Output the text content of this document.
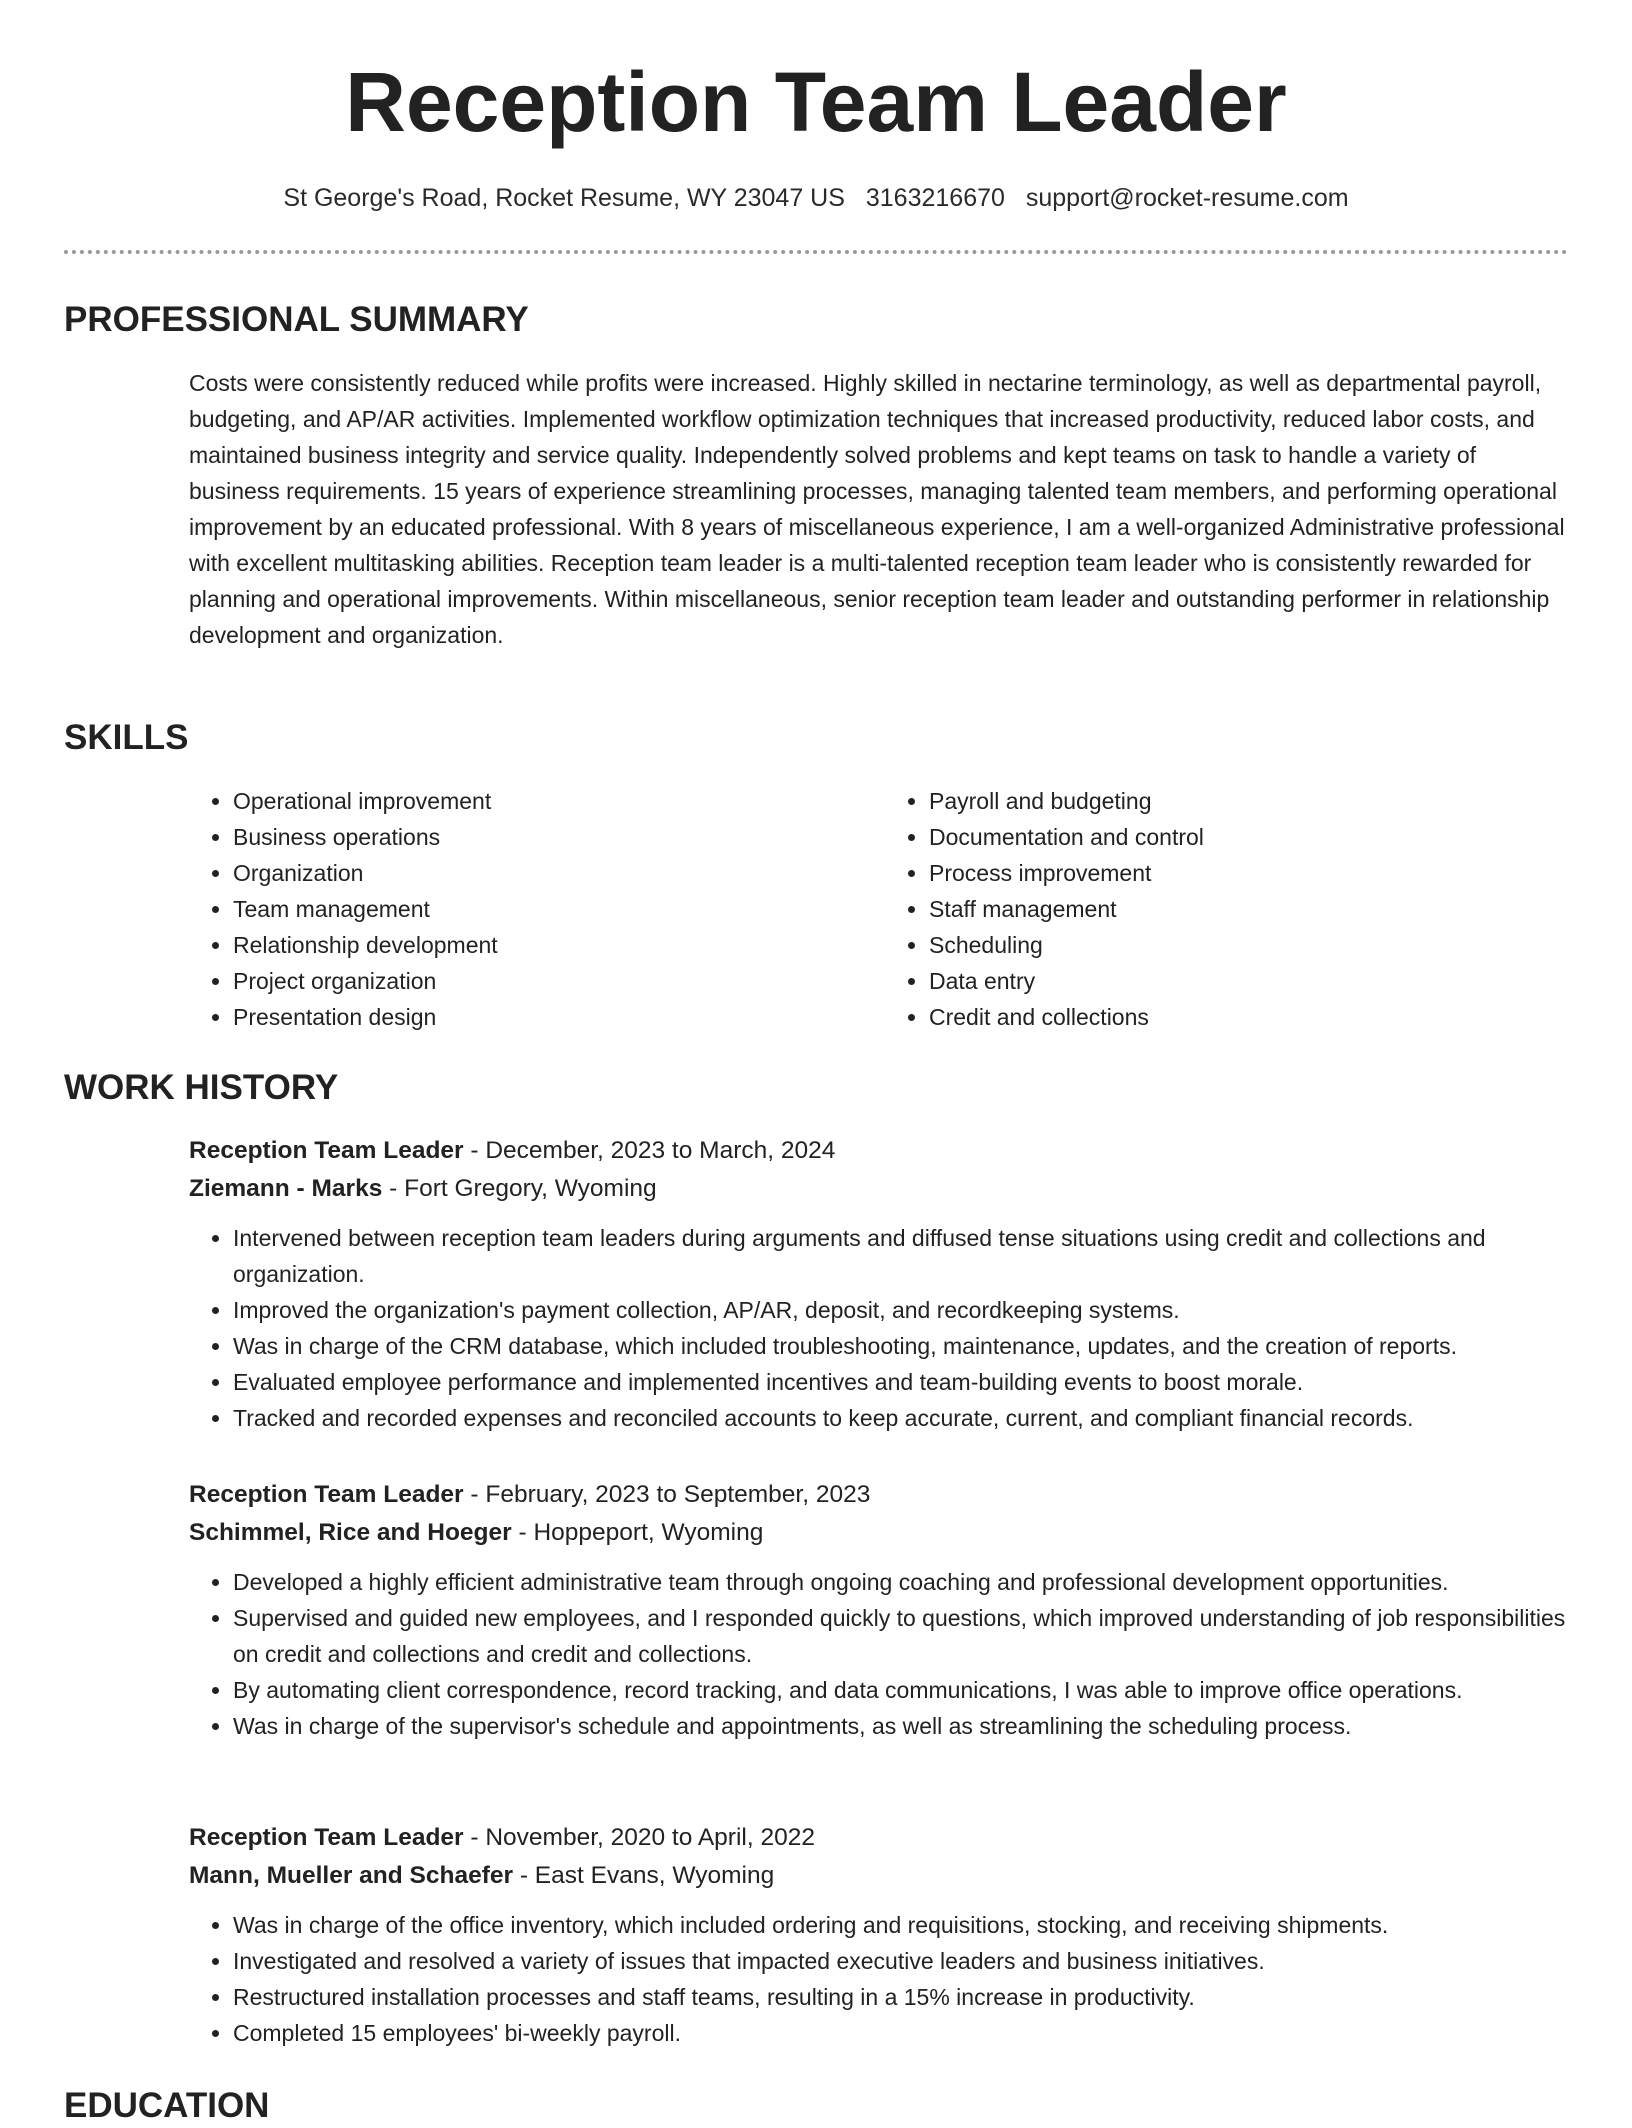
Reception Team Leader
St George's Road, Rocket Resume, WY 23047 US 3163216670 support@rocket-resume.com
PROFESSIONAL SUMMARY

Costs were consistently reduced while profits were increased. Highly skilled in nectarine terminology, as well as departmental payroll, budgeting, and AP/AR activities. Implemented workflow optimization techniques that increased productivity, reduced labor costs, and maintained business integrity and service quality. Independently solved problems and kept teams on task to handle a variety of business requirements. 15 years of experience streamlining processes, managing talented team members, and performing operational improvement by an educated professional. With 8 years of miscellaneous experience, I am a well-organized Administrative professional with excellent multitasking abilities. Reception team leader is a multi-talented reception team leader who is consistently rewarded for planning and operational improvements. Within miscellaneous, senior reception team leader and outstanding performer in relationship development and organization.

SKILLS
• Operational improvement
• Business operations
• Organization
• Team management
• Relationship development
• Project organization
• Presentation design
• Payroll and budgeting
• Documentation and control
• Process improvement
• Staff management
• Scheduling
• Data entry
• Credit and collections
WORK HISTORY
Reception Team Leader - December, 2023 to March, 2024
Ziemann - Marks - Fort Gregory, Wyoming
• Intervened between reception team leaders during arguments and diffused tense situations using credit and collections and organization.
• Improved the organization's payment collection, AP/AR, deposit, and recordkeeping systems.
• Was in charge of the CRM database, which included troubleshooting, maintenance, updates, and the creation of reports.
• Evaluated employee performance and implemented incentives and team-building events to boost morale.
• Tracked and recorded expenses and reconciled accounts to keep accurate, current, and compliant financial records.
Reception Team Leader - February, 2023 to September, 2023
Schimmel, Rice and Hoeger - Hoppeport, Wyoming
• Developed a highly efficient administrative team through ongoing coaching and professional development opportunities.
• Supervised and guided new employees, and I responded quickly to questions, which improved understanding of job responsibilities on credit and collections and credit and collections.
• By automating client correspondence, record tracking, and data communications, I was able to improve office operations.
• Was in charge of the supervisor's schedule and appointments, as well as streamlining the scheduling process.
Reception Team Leader - November, 2020 to April, 2022
Mann, Mueller and Schaefer - East Evans, Wyoming
• Was in charge of the office inventory, which included ordering and requisitions, stocking, and receiving shipments.
• Investigated and resolved a variety of issues that impacted executive leaders and business initiatives.
• Restructured installation processes and staff teams, resulting in a 15% increase in productivity.
• Completed 15 employees' bi-weekly payroll.
EDUCATION
